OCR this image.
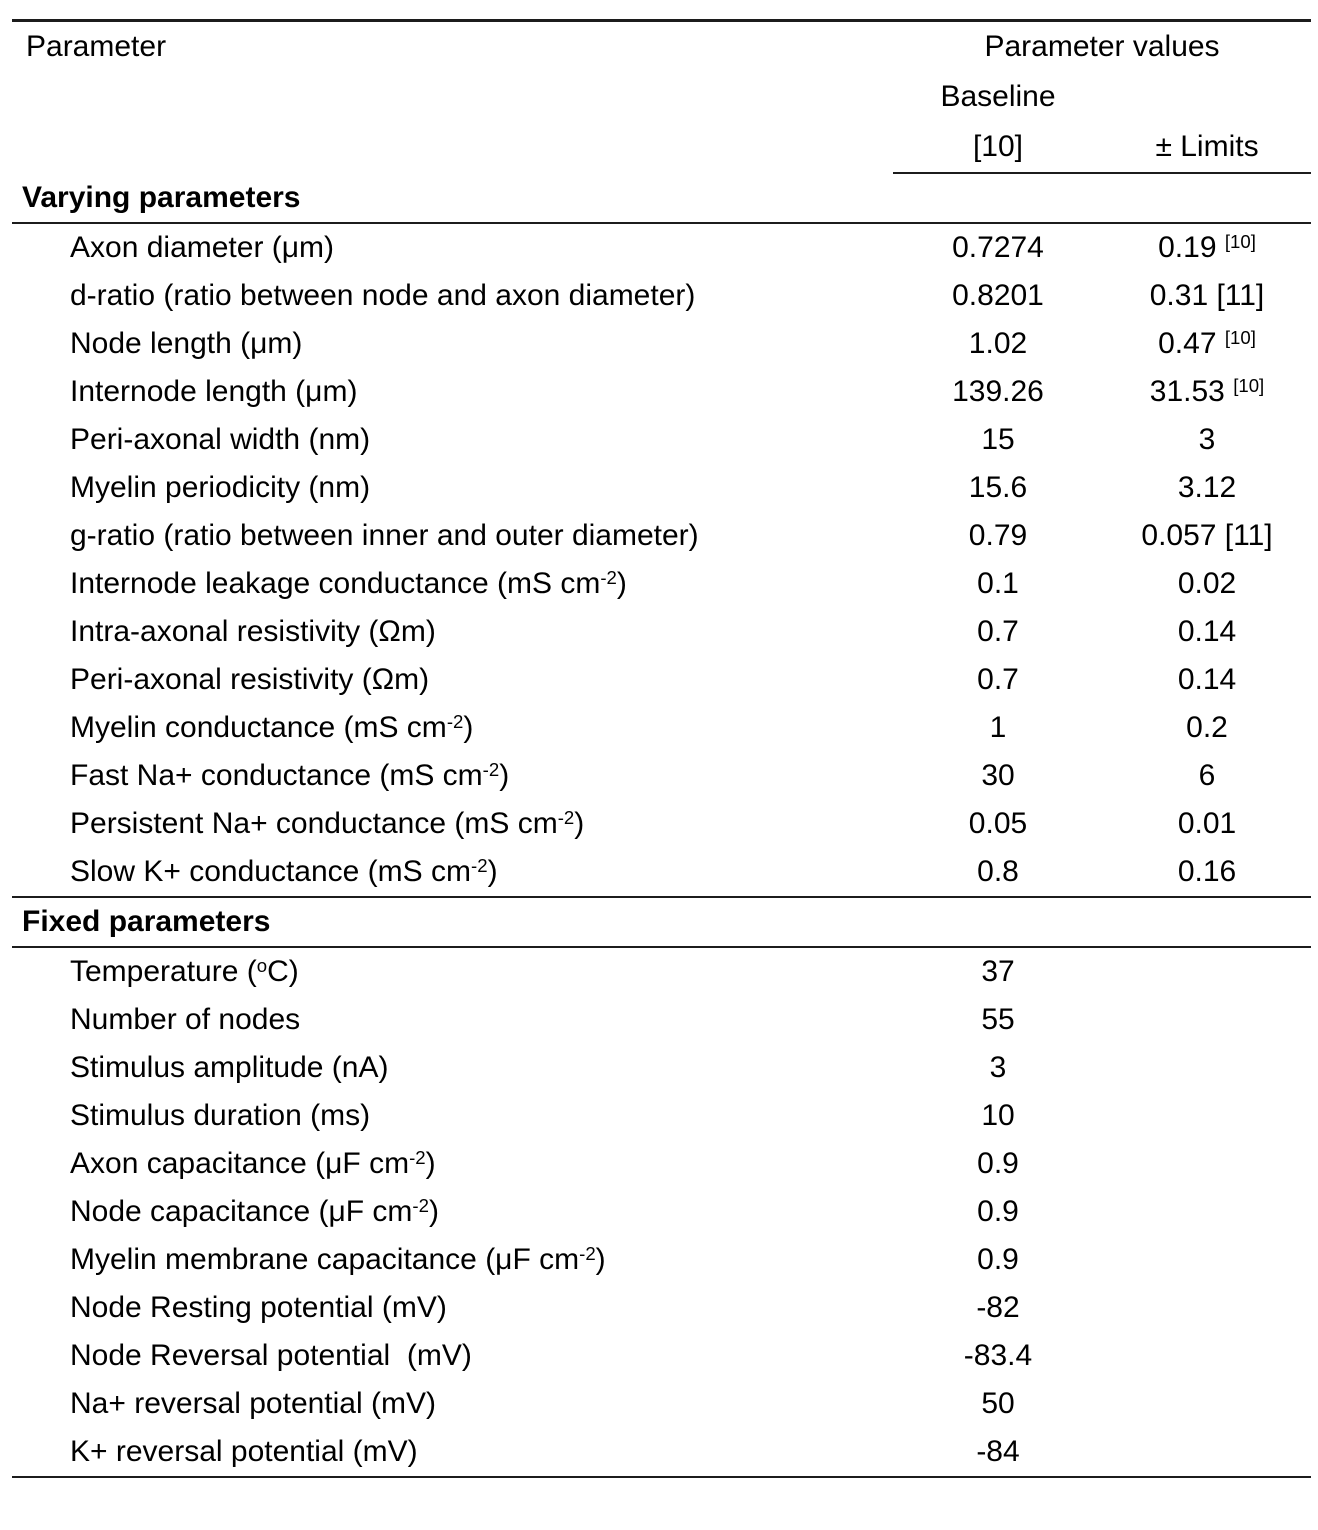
Parameter	Parameter values	
	Baseline	
	[10]	± Limits
Varying parameters		
Axon diameter (μm)	0.7274	0.19 [10]
d-ratio (ratio between node and axon diameter)	0.8201	0.31 [11]
Node length (μm)	1.02	0.47 [10]
Internode length (μm)	139.26	31.53 [10]
Peri-axonal width (nm)	15	3
Myelin periodicity (nm)	15.6	3.12
g-ratio (ratio between inner and outer diameter)	0.79	0.057 [11]
Internode leakage conductance (mS $cm^{-2}$)	0.1	0.02
Intra-axonal resistivity (Ωm)	0.7	0.14
Peri-axonal resistivity (Ωm)	0.7	0.14
Myelin conductance (mS $cm^{-2}$)	1	0.2
Fast Na+ conductance (mS $cm^{-2}$)	30	6
Persistent Na+ conductance (mS $cm^{-2}$)	0.05	0.01
Slow K+ conductance (mS $cm^{-2}$)	0.8	0.16
Fixed parameters		
Temperature ($^o$C)	37	
Number of nodes	55	
Stimulus amplitude (nA)	3	
Stimulus duration (ms)	10	
Axon capacitance (μF $cm^{-2}$)	0.9	
Node capacitance (μF $cm^{-2}$)	0.9	
Myelin membrane capacitance (μF $cm^{-2}$)	0.9	
Node Resting potential (mV)	-82	
Node Reversal potential  (mV)	-83.4	
Na+ reversal potential (mV)	50	
K+ reversal potential (mV)	-84	
